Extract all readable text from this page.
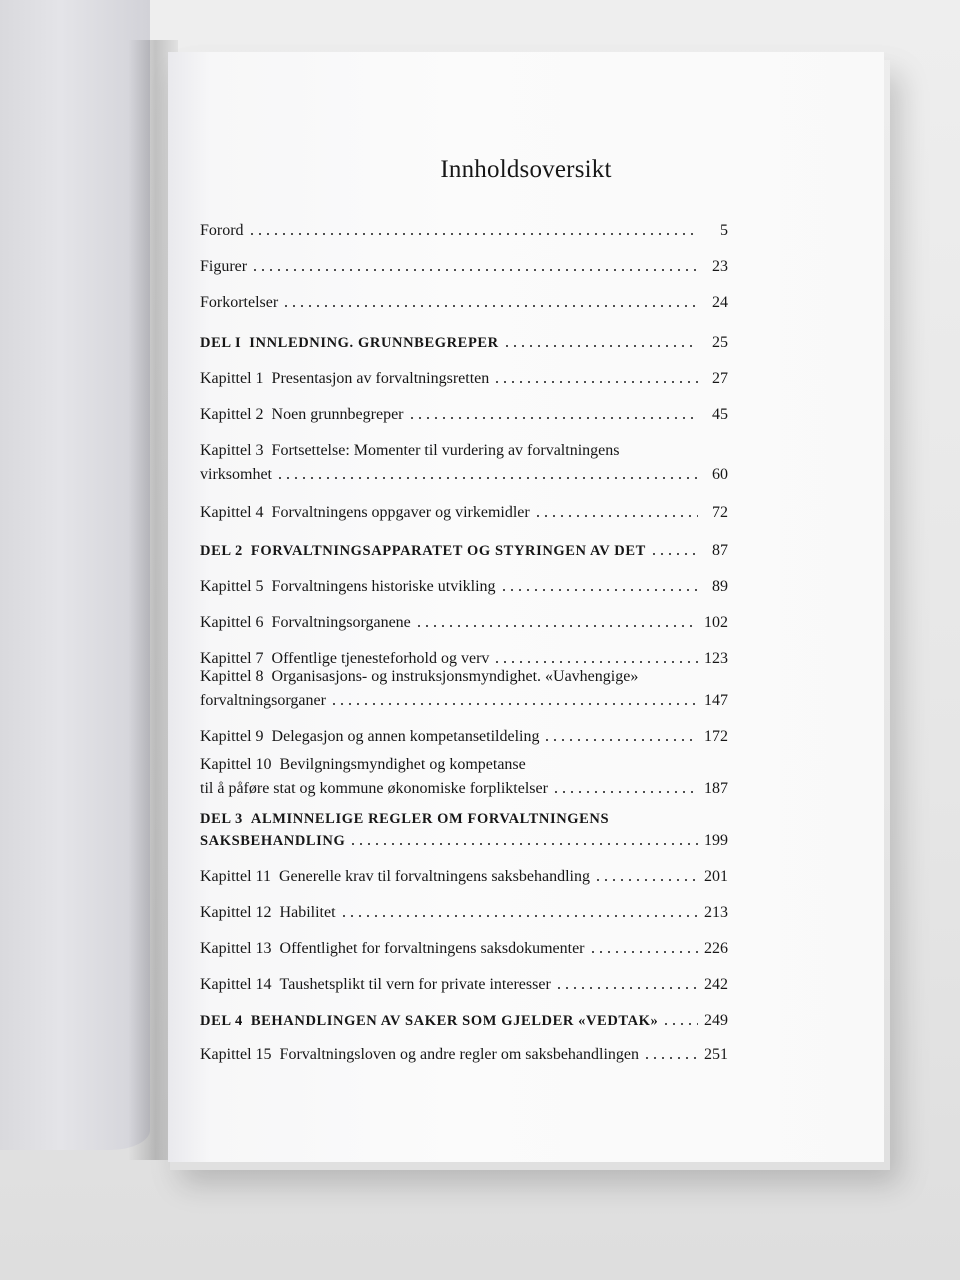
Innholdsoversikt
Forord	5
Figurer	23
Forkortelser	24
DEL I INNLEDNING. GRUNNBEGREPER	25
Kapittel 1 Presentasjon av forvaltningsretten	27
Kapittel 2 Noen grunnbegreper	45
Kapittel 3 Fortsettelse: Momenter til vurdering av forvaltningens
virksomhet	60
Kapittel 4 Forvaltningens oppgaver og virkemidler	72
DEL 2 FORVALTNINGSAPPARATET OG STYRINGEN AV DET	87
Kapittel 5 Forvaltningens historiske utvikling	89
Kapittel 6 Forvaltningsorganene	102
Kapittel 7 Offentlige tjenesteforhold og verv	123
Kapittel 8 Organisasjons- og instruksjonsmyndighet. «Uavhengige»
forvaltningsorganer	147
Kapittel 9 Delegasjon og annen kompetansetildeling	172
Kapittel 10 Bevilgningsmyndighet og kompetanse
til å påføre stat og kommune økonomiske forpliktelser	187
DEL 3 ALMINNELIGE REGLER OM FORVALTNINGENS
SAKSBEHANDLING	199
Kapittel 11 Generelle krav til forvaltningens saksbehandling	201
Kapittel 12 Habilitet	213
Kapittel 13 Offentlighet for forvaltningens saksdokumenter	226
Kapittel 14 Taushetsplikt til vern for private interesser	242
DEL 4 BEHANDLINGEN AV SAKER SOM GJELDER «VEDTAK»	249
Kapittel 15 Forvaltningsloven og andre regler om saksbehandlingen	251
